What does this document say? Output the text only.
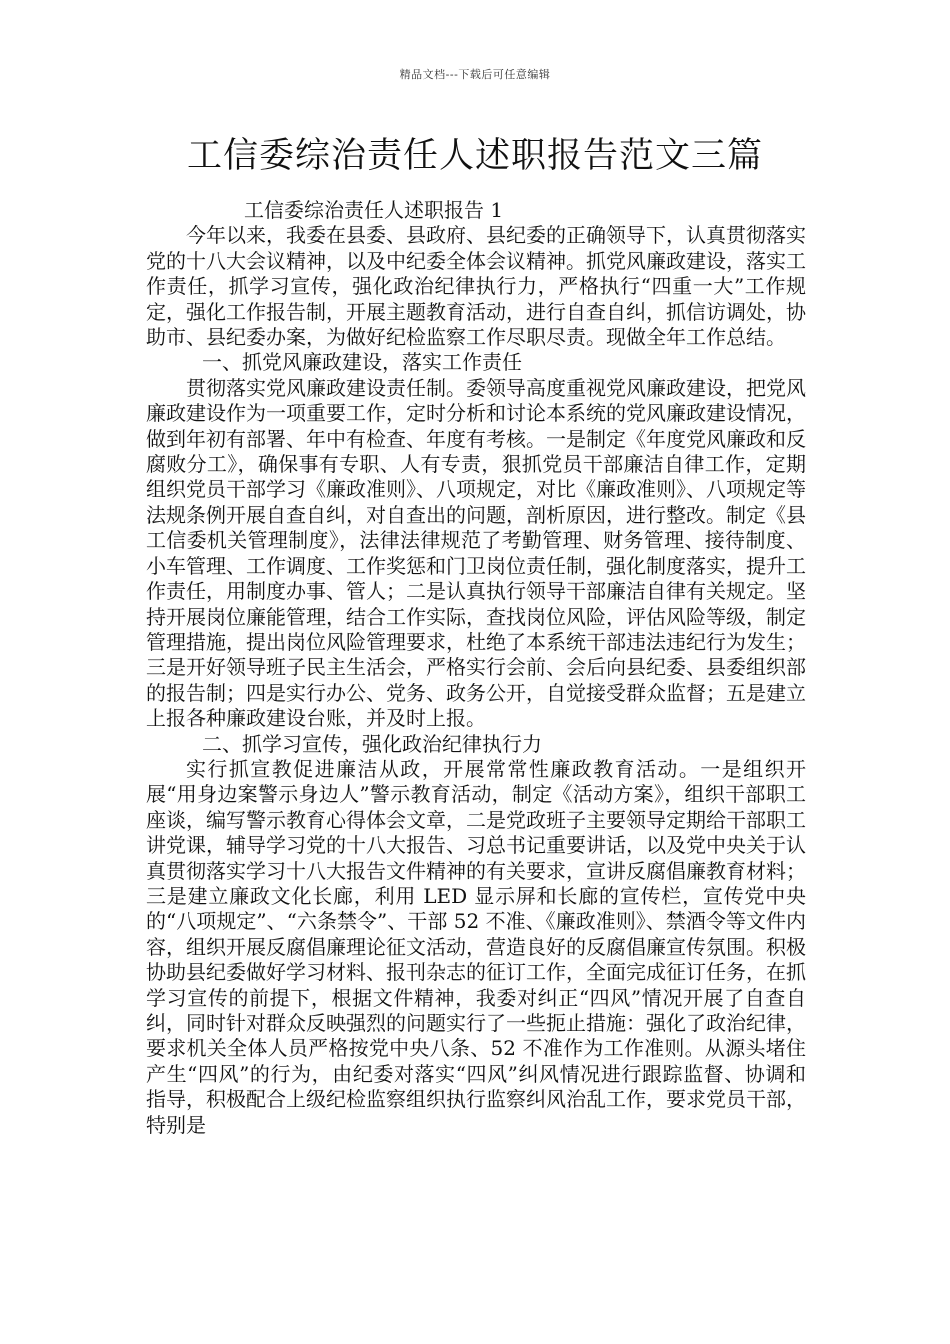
精品文档---下载后可任意编辑
工信委综治责任人述职报告范文三篇

工信委综治责任人述职报告 1

今年以来，我委在县委、县政府、县纪委的正确领导下，认真贯彻落实党的十八大会议精神，以及中纪委全体会议精神。抓党风廉政建设，落实工作责任，抓学习宣传，强化政治纪律执行力，严格执行“四重一大”工作规定，强化工作报告制，开展主题教育活动，进行自查自纠，抓信访调处，协助市、县纪委办案，为做好纪检监察工作尽职尽责。现做全年工作总结。

一、抓党风廉政建设，落实工作责任

贯彻落实党风廉政建设责任制。委领导高度重视党风廉政建设，把党风廉政建设作为一项重要工作，定时分析和讨论本系统的党风廉政建设情况，做到年初有部署、年中有检查、年度有考核。一是制定《年度党风廉政和反腐败分工》，确保事有专职、人有专责，狠抓党员干部廉洁自律工作，定期组织党员干部学习《廉政准则》、八项规定，对比《廉政准则》、八项规定等法规条例开展自查自纠，对自查出的问题，剖析原因，进行整改。制定《县工信委机关管理制度》，法律法律规范了考勤管理、财务管理、接待制度、小车管理、工作调度、工作奖惩和门卫岗位责任制，强化制度落实，提升工作责任，用制度办事、管人；二是认真执行领导干部廉洁自律有关规定。坚持开展岗位廉能管理，结合工作实际，查找岗位风险，评估风险等级，制定管理措施，提出岗位风险管理要求，杜绝了本系统干部违法违纪行为发生；三是开好领导班子民主生活会，严格实行会前、会后向县纪委、县委组织部的报告制；四是实行办公、党务、政务公开，自觉接受群众监督；五是建立上报各种廉政建设台账，并及时上报。

二、抓学习宣传，强化政治纪律执行力

实行抓宣教促进廉洁从政，开展常常性廉政教育活动。一是组织开展“用身边案警示身边人”警示教育活动，制定《活动方案》，组织干部职工座谈，编写警示教育心得体会文章，二是党政班子主要领导定期给干部职工讲党课，辅导学习党的十八大报告、习总书记重要讲话，以及党中央关于认真贯彻落实学习十八大报告文件精神的有关要求，宣讲反腐倡廉教育材料；三是建立廉政文化长廊，利用 LED 显示屏和长廊的宣传栏，宣传党中央的“八项规定”、“六条禁令”、干部 52 不准、《廉政准则》、禁酒令等文件内容，组织开展反腐倡廉理论征文活动，营造良好的反腐倡廉宣传氛围。积极协助县纪委做好学习材料、报刊杂志的征订工作，全面完成征订任务，在抓学习宣传的前提下，根据文件精神，我委对纠正“四风”情况开展了自查自纠，同时针对群众反映强烈的问题实行了一些扼止措施：强化了政治纪律，要求机关全体人员严格按党中央八条、52 不准作为工作准则。从源头堵住产生“四风”的行为，由纪委对落实“四风”纠风情况进行跟踪监督、协调和指导，积极配合上级纪检监察组织执行监察纠风治乱工作，要求党员干部，特别是
